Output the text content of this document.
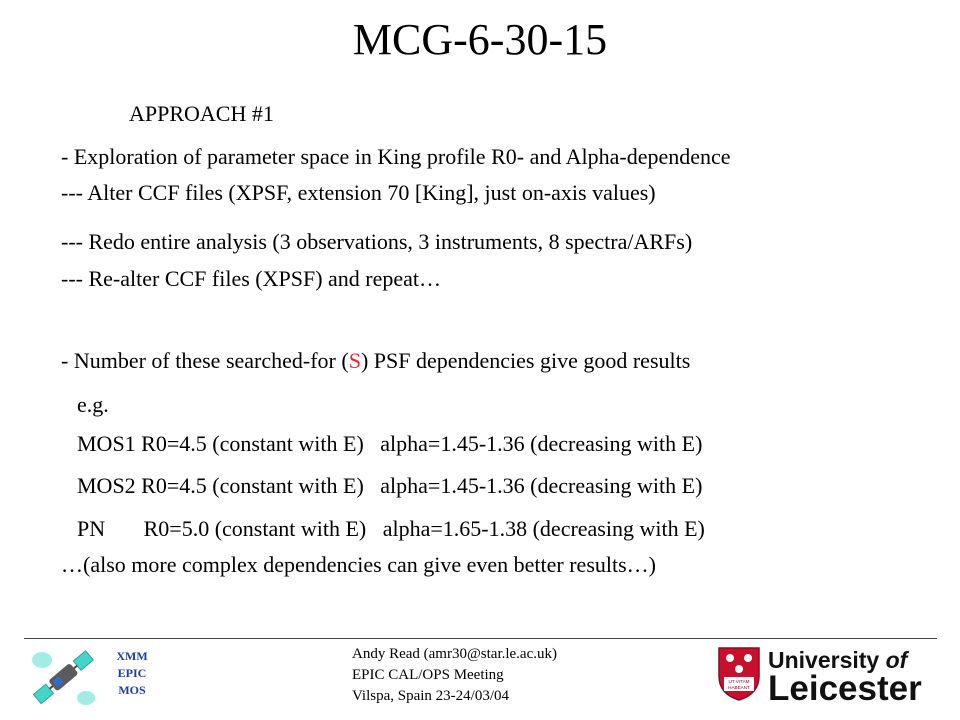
MCG-6-30-15
APPROACH #1
- Exploration of parameter space in King profile R0- and Alpha-dependence
--- Alter CCF files (XPSF, extension 70 [King], just on-axis values)
--- Redo entire analysis (3 observations, 3 instruments, 8 spectra/ARFs)
--- Re-alter CCF files (XPSF) and repeat…
- Number of these searched-for (S) PSF dependencies give good results
e.g.
MOS1 R0=4.5 (constant with E)   alpha=1.45-1.36 (decreasing with E)
MOS2 R0=4.5 (constant with E)   alpha=1.45-1.36 (decreasing with E)
PN       R0=5.0 (constant with E)   alpha=1.65-1.38 (decreasing with E)
…(also more complex dependencies can give even better results…)
XMM
EPIC
MOS
Andy Read (amr30@star.le.ac.uk)
EPIC CAL/OPS Meeting
Vilspa, Spain 23-24/03/04
UT VITAM
HABEANT
University of
Leicester
